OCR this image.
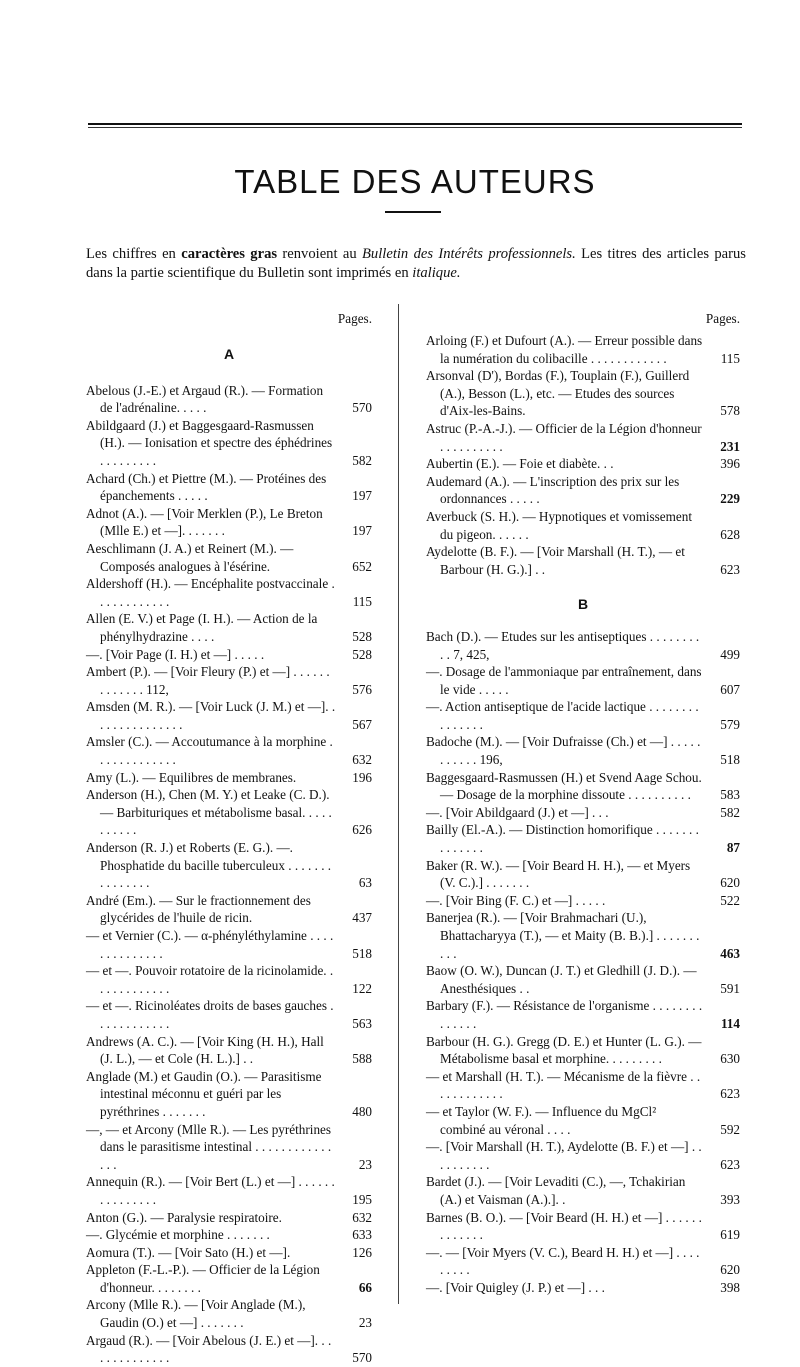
TABLE DES AUTEURS
Les chiffres en caractères gras renvoient au Bulletin des Intérêts professionnels. Les titres des articles parus dans la partie scientifique du Bulletin sont imprimés en italique.
Pages.
A
Abelous (J.-E.) et Argaud (R.). — Formation de l'adrénaline. . . . .	570
Abildgaard (J.) et Baggesgaard-Rasmussen (H.). — Ionisation et spectre des éphédrines . . . . . . . . .	582
Achard (Ch.) et Piettre (M.). — Protéines des épanchements . . . . .	197
Adnot (A.). — [Voir Merklen (P.), Le Breton (Mlle E.) et —]. . . . . . .	197
Aeschlimann (J. A.) et Reinert (M.). — Composés analogues à l'ésérine.	652
Aldershoff (H.). — Encéphalite postvaccinale . . . . . . . . . . . .	115
Allen (E. V.) et Page (I. H.). — Action de la phénylhydrazine . . . .	528
—. [Voir Page (I. H.) et —] . . . . .	528
Ambert (P.). — [Voir Fleury (P.) et —] . . . . . . . . . . . . . 112,	576
Amsden (M. R.). — [Voir Luck (J. M.) et —]. . . . . . . . . . . . . . .	567
Amsler (C.). — Accoutumance à la morphine . . . . . . . . . . . . .	632
Amy (L.). — Equilibres de membranes.	196
Anderson (H.), Chen (M. Y.) et Leake (C. D.). — Barbituriques et métabolisme basal. . . . . . . . . . .	626
Anderson (R. J.) et Roberts (E. G.). —. Phosphatide du bacille tuberculeux . . . . . . . . . . . . . . .	63
André (Em.). — Sur le fractionnement des glycérides de l'huile de ricin.	437
— et Vernier (C.). — α-phényléthylamine . . . . . . . . . . . . . .	518
— et —. Pouvoir rotatoire de la ricinolamide. . . . . . . . . . . . .	122
— et —. Ricinoléates droits de bases gauches . . . . . . . . . . . .	563
Andrews (A. C.). — [Voir King (H. H.), Hall (J. L.), — et Cole (H. L.).] . .	588
Anglade (M.) et Gaudin (O.). — Parasitisme intestinal méconnu et guéri par les pyréthrines . . . . . . .	480
—, — et Arcony (Mlle R.). — Les pyréthrines dans le parasitisme intestinal . . . . . . . . . . . . . . .	23
Annequin (R.). — [Voir Bert (L.) et —] . . . . . . . . . . . . . . .	195
Anton (G.). — Paralysie respiratoire.	632
—. Glycémie et morphine . . . . . . .	633
Aomura (T.). — [Voir Sato (H.) et —].	126
Appleton (F.-L.-P.). — Officier de la Légion d'honneur. . . . . . . .	66
Arcony (Mlle R.). — [Voir Anglade (M.), Gaudin (O.) et —] . . . . . . .	23
Argaud (R.). — [Voir Abelous (J. E.) et —]. . . . . . . . . . . . . .	570
Pages.
Arloing (F.) et Dufourt (A.). — Erreur possible dans la numération du colibacille . . . . . . . . . . . .	115
Arsonval (D'), Bordas (F.), Touplain (F.), Guillerd (A.), Besson (L.), etc. — Etudes des sources d'Aix-les-Bains.	578
Astruc (P.-A.-J.). — Officier de la Légion d'honneur . . . . . . . . . .	231
Aubertin (E.). — Foie et diabète. . .	396
Audemard (A.). — L'inscription des prix sur les ordonnances . . . . .	229
Averbuck (S. H.). — Hypnotiques et vomissement du pigeon. . . . . .	628
Aydelotte (B. F.). — [Voir Marshall (H. T.), — et Barbour (H. G.).] . .	623
B
Bach (D.). — Etudes sur les antiseptiques . . . . . . . . . . 7, 425,	499
—. Dosage de l'ammoniaque par entraînement, dans le vide . . . . .	607
—. Action antiseptique de l'acide lactique . . . . . . . . . . . . . . .	579
Badoche (M.). — [Voir Dufraisse (Ch.) et —] . . . . . . . . . . . 196,	518
Baggesgaard-Rasmussen (H.) et Svend Aage Schou. — Dosage de la morphine dissoute . . . . . . . . . .	583
—. [Voir Abildgaard (J.) et —] . . .	582
Bailly (El.-A.). — Distinction homorifique . . . . . . . . . . . . . .	87
Baker (R. W.). — [Voir Beard H. H.), — et Myers (V. C.).] . . . . . . .	620
—. [Voir Bing (F. C.) et —] . . . . .	522
Banerjea (R.). — [Voir Brahmachari (U.), Bhattacharyya (T.), — et Maity (B. B.).] . . . . . . . . . .	463
Baow (O. W.), Duncan (J. T.) et Gledhill (J. D.). — Anesthésiques . .	591
Barbary (F.). — Résistance de l'organisme . . . . . . . . . . . . . .	114
Barbour (H. G.). Gregg (D. E.) et Hunter (L. G.). — Métabolisme basal et morphine. . . . . . . . .	630
— et Marshall (H. T.). — Mécanisme de la fièvre . . . . . . . . . . . .	623
— et Taylor (W. F.). — Influence du MgCl² combiné au véronal . . . .	592
—. [Voir Marshall (H. T.), Aydelotte (B. F.) et —] . . . . . . . . . .	623
Bardet (J.). — [Voir Levaditi (C.), —, Tchakirian (A.) et Vaisman (A.).]. .	393
Barnes (B. O.). — [Voir Beard (H. H.) et —] . . . . . . . . . . . . .	619
—. — [Voir Myers (V. C.), Beard H. H.) et —] . . . . . . . . .	620
—. [Voir Quigley (J. P.) et —] . . .	398
